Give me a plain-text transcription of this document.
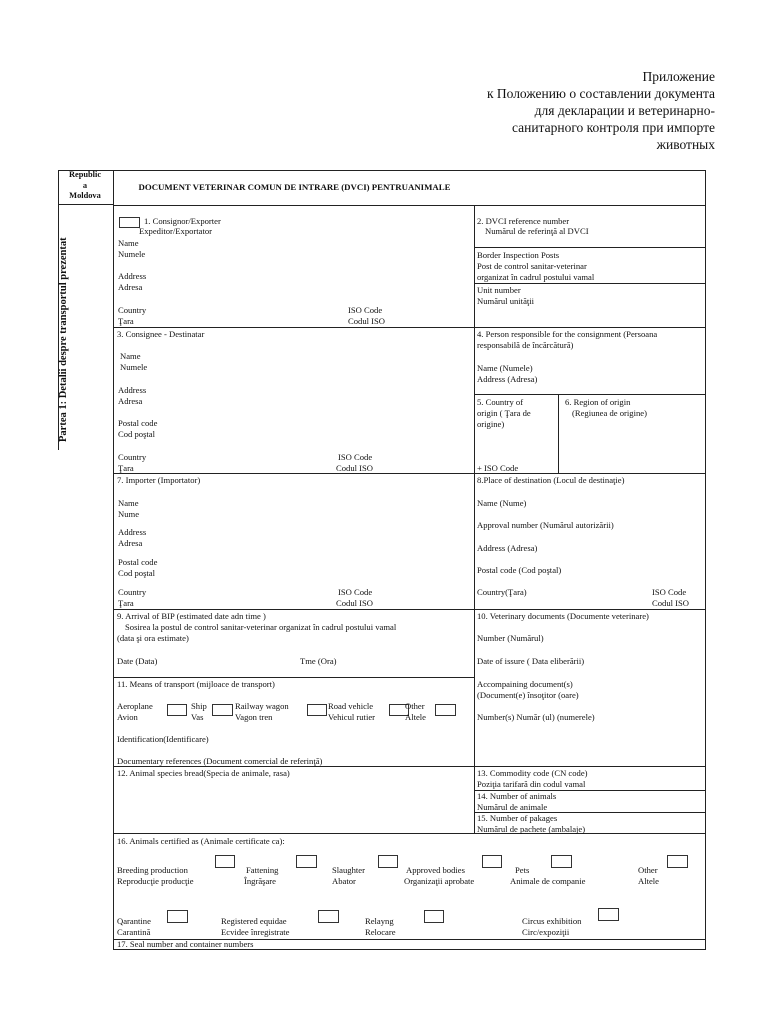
Приложение
к Положению о составлении документа
для декларации и ветеринарно-
санитарного контроля при импорте
животных
Republic
a
Moldova
DOCUMENT VETERINAR COMUN DE INTRARE (DVCI) PENTRUANIMALE
Partea 1: Detalii despre transportul prezentat
1. Consignor/Exporter
Expeditor/Exportator
Name
Numele
Address
Adresa
Country
Ţara
ISO Code
Codul ISO
2. DVCI reference number
Numărul de referinţă al DVCI
Border Inspection Posts
Post de control sanitar-veterinar
organizat în cadrul postului vamal
Unit number
Numărul unităţii
3. Consignee - Destinatar
Name
Numele
Address
Adresa
Postal code
Cod poştal
Country
Ţara
ISO Code
Codul ISO
4. Person responsible for the consignment (Persoana
responsabilă de încărcătură)
Name (Numele)
Address (Adresa)
5. Country of
origin ( Ţara de
origine)
+ ISO Code
6. Region of origin
(Regiunea de origine)
7. Importer (Importator)
Name
Nume
Address
Adresa
Postal code
Cod poştal
Country
Ţara
ISO Code
Codul ISO
8.Place of destination (Locul de destinaţie)
Name (Nume)
Approval number (Numărul autorizării)
Address (Adresa)
Postal code (Cod poştal)
Country(Ţara)	ISO Code
Codul ISO
9. Arrival of BIP (estimated date adn time )
Sosirea la postul de control sanitar-veterinar organizat în cadrul postului vamal
(data şi ora estimate)
Date (Data)	Tme (Ora)
10. Veterinary documents (Documente veterinare)
Number (Numărul)
Date of issure ( Data eliberării)
Accompaining document(s)
(Document(e) însoţitor (oare)
Number(s) Număr (ul) (numerele)
11. Means of transport (mijloace de transport)
Aeroplane
Avion
Ship
Vas
Railway wagon
Vagon tren
Road vehicle
Vehicul rutier
Other
Altele
Identification(Identificare)
Documentary references (Document comercial de referinţă)
12. Animal species bread(Specia de animale, rasa)	13. Commodity code (CN code)
Poziţia tarifară din codul vamal
14. Number of animals
Numărul de animale
15. Number of pakages
Numărul de pachete (ambalaje)
16. Animals certified as (Animale certificate ca):
Breeding production
Reproducţie producţie
Fattening
Îngrăşare
Slaughter
Abator
Approved bodies
Organizaţii aprobate
Pets
Animale de companie
Other
Altele
Qarantine
Carantină
Registered equidae
Ecvidee înregistrate
Relayng
Relocare
Circus exhibition
Circ/expoziţii
17. Seal number and container numbers
